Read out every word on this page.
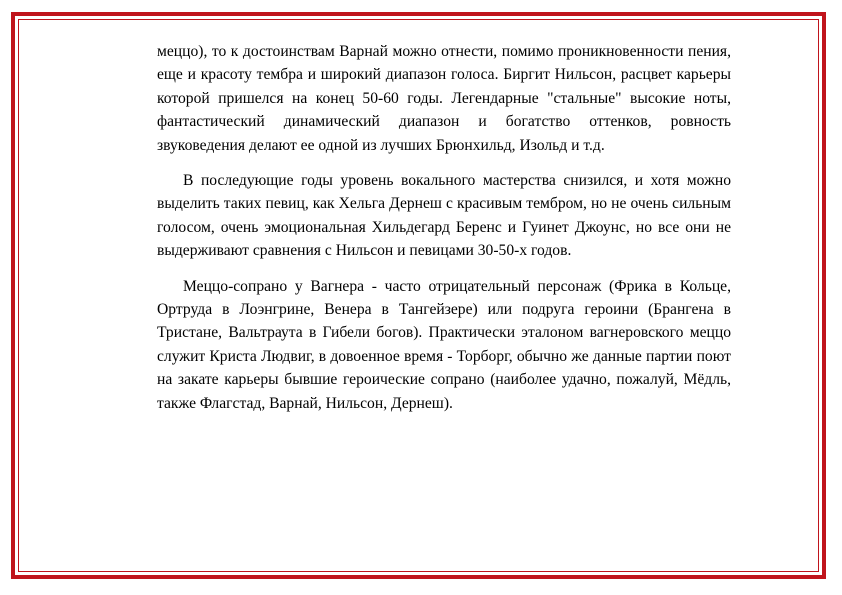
меццо), то к достоинствам Варнай можно отнести, помимо проникновенности пения, еще и красоту тембра и широкий диапазон голоса. Биргит Нильсон, расцвет карьеры которой пришелся на конец 50-60 годы. Легендарные "стальные" высокие ноты, фантастический динамический диапазон и богатство оттенков, ровность звуковедения делают ее одной из лучших Брюнхильд, Изольд и т.д.

В последующие годы уровень вокального мастерства снизился, и хотя можно выделить таких певиц, как Хельга Дернеш с красивым тембром, но не очень сильным голосом, очень эмоциональная Хильдегард Беренс и Гуинет Джоунс, но все они не выдерживают сравнения с Нильсон и певицами 30-50-х годов.

Меццо-сопрано у Вагнера - часто отрицательный персонаж (Фрика в Кольце, Ортруда в Лоэнгрине, Венера в Тангейзере) или подруга героини (Брангена в Тристане, Вальтраута в Гибели богов). Практически эталоном вагнеровского меццо служит Криста Людвиг, в довоенное время - Торборг, обычно же данные партии поют на закате карьеры бывшие героические сопрано (наиболее удачно, пожалуй, Мёдль, также Флагстад, Варнай, Нильсон, Дернеш).
